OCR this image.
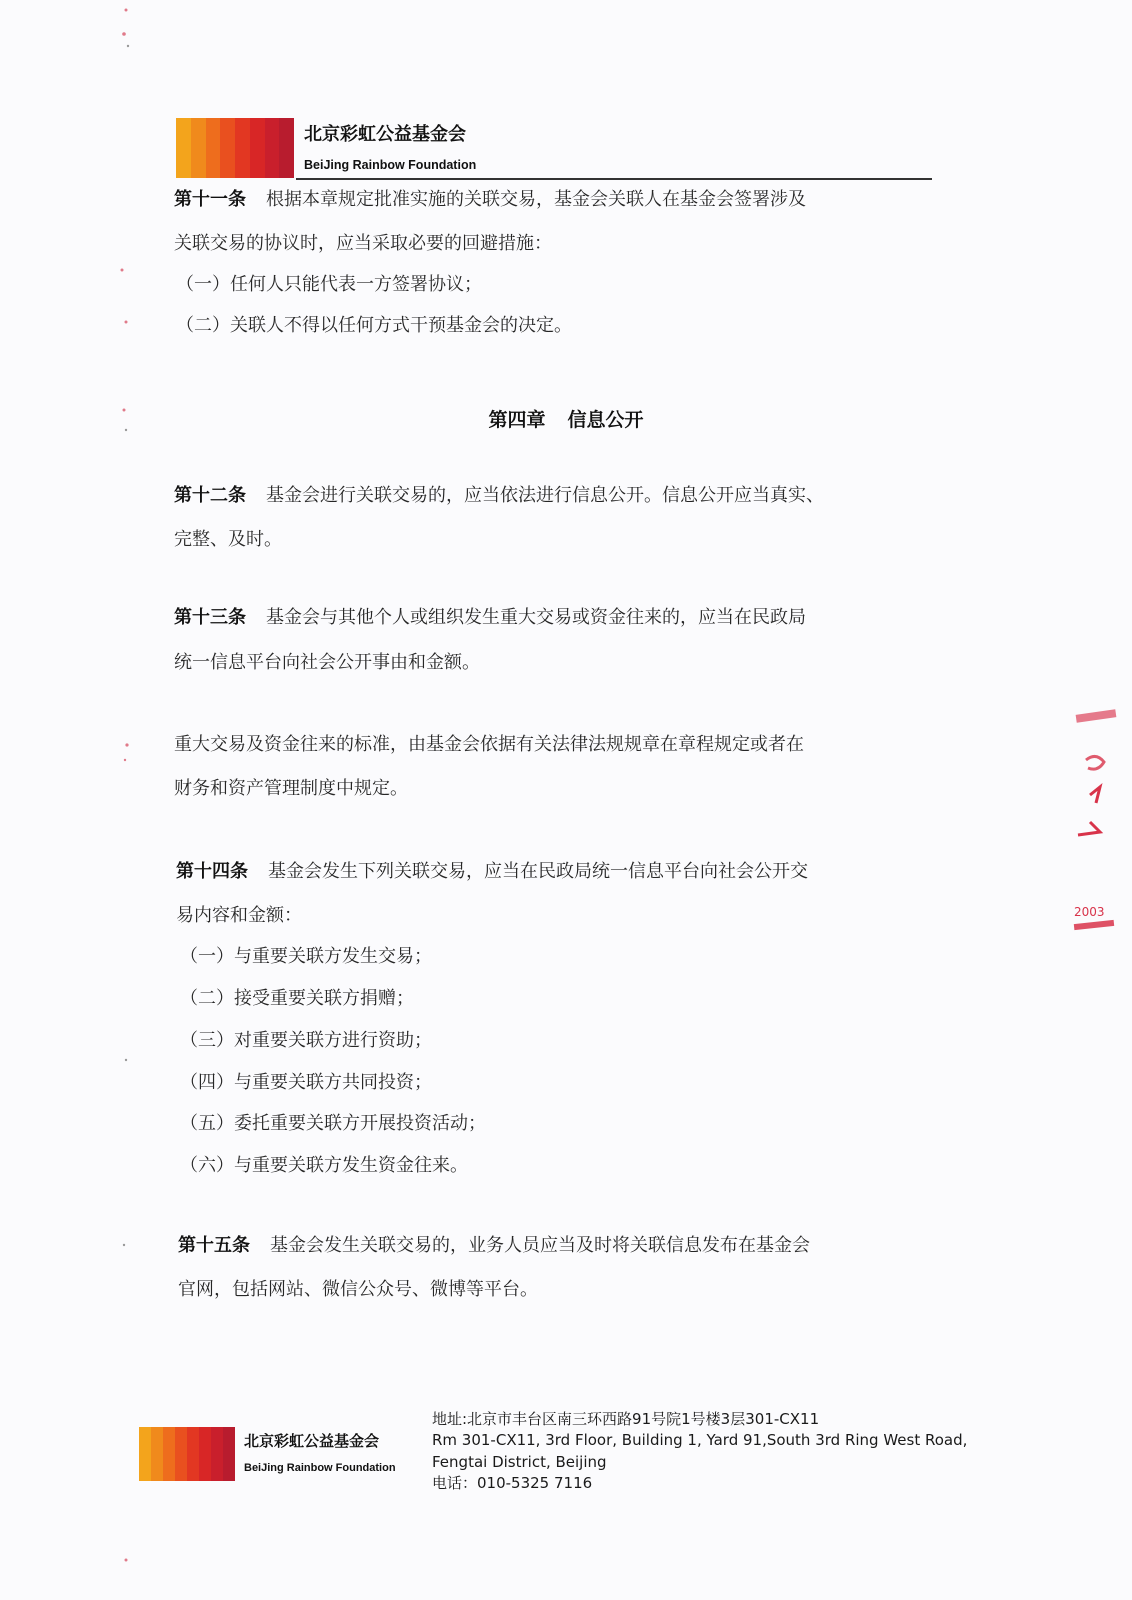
北京彩虹公益基金会
BeiJing Rainbow Foundation
第十一条 根据本章规定批准实施的关联交易，基金会关联人在基金会签署涉及
关联交易的协议时，应当采取必要的回避措施：
（一）任何人只能代表一方签署协议；
（二）关联人不得以任何方式干预基金会的决定。
第四章 信息公开
第十二条 基金会进行关联交易的，应当依法进行信息公开。信息公开应当真实、
完整、及时。
第十三条 基金会与其他个人或组织发生重大交易或资金往来的，应当在民政局
统一信息平台向社会公开事由和金额。
重大交易及资金往来的标准，由基金会依据有关法律法规规章在章程规定或者在
财务和资产管理制度中规定。
第十四条 基金会发生下列关联交易，应当在民政局统一信息平台向社会公开交
易内容和金额：
（一）与重要关联方发生交易；
（二）接受重要关联方捐赠；
（三）对重要关联方进行资助；
（四）与重要关联方共同投资；
（五）委托重要关联方开展投资活动；
（六）与重要关联方发生资金往来。
第十五条 基金会发生关联交易的，业务人员应当及时将关联信息发布在基金会
官网，包括网站、微信公众号、微博等平台。
北京彩虹公益基金会
BeiJing Rainbow Foundation
地址:北京市丰台区南三环西路91号院1号楼3层301-CX11
Rm 301-CX11, 3rd Floor, Building 1, Yard 91,South 3rd Ring West Road,
Fengtai District, Beijing
电话：010-5325 7116
2003
